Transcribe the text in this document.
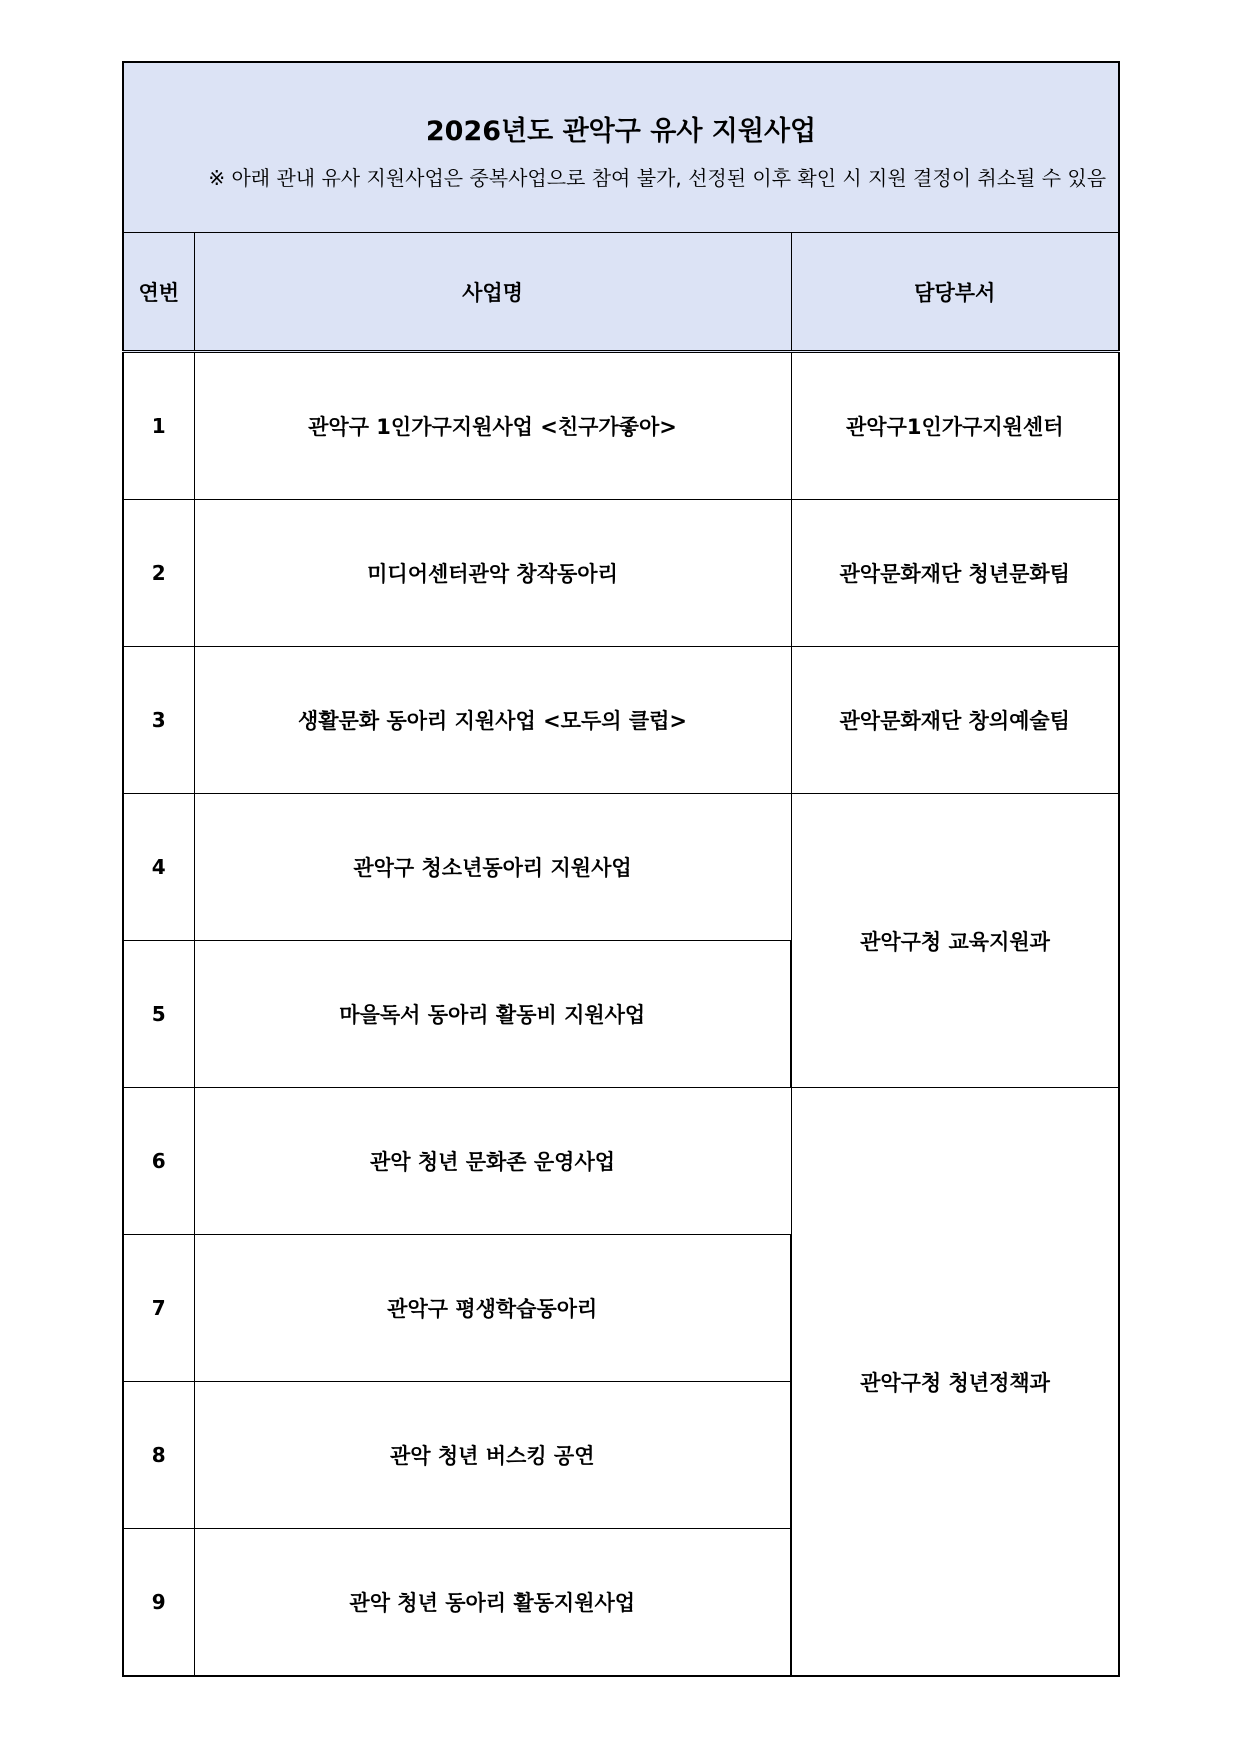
2026년도 관악구 유사 지원사업
※ 아래 관내 유사 지원사업은 중복사업으로 참여 불가, 선정된 이후 확인 시 지원 결정이 취소될 수 있음		

연번	사업명	담당부서
1	관악구 1인가구지원사업 <친구가좋아>	관악구1인가구지원센터
2	미디어센터관악 창작동아리	관악문화재단 청년문화팀
3	생활문화 동아리 지원사업 <모두의 클럽>	관악문화재단 창의예술팀
4	관악구 청소년동아리 지원사업	관악구청 교육지원과
5	마을독서 동아리 활동비 지원사업	
6	관악 청년 문화존 운영사업	관악구청 청년정책과
7	관악구 평생학습동아리	
8	관악 청년 버스킹 공연	
9	관악 청년 동아리 활동지원사업	
